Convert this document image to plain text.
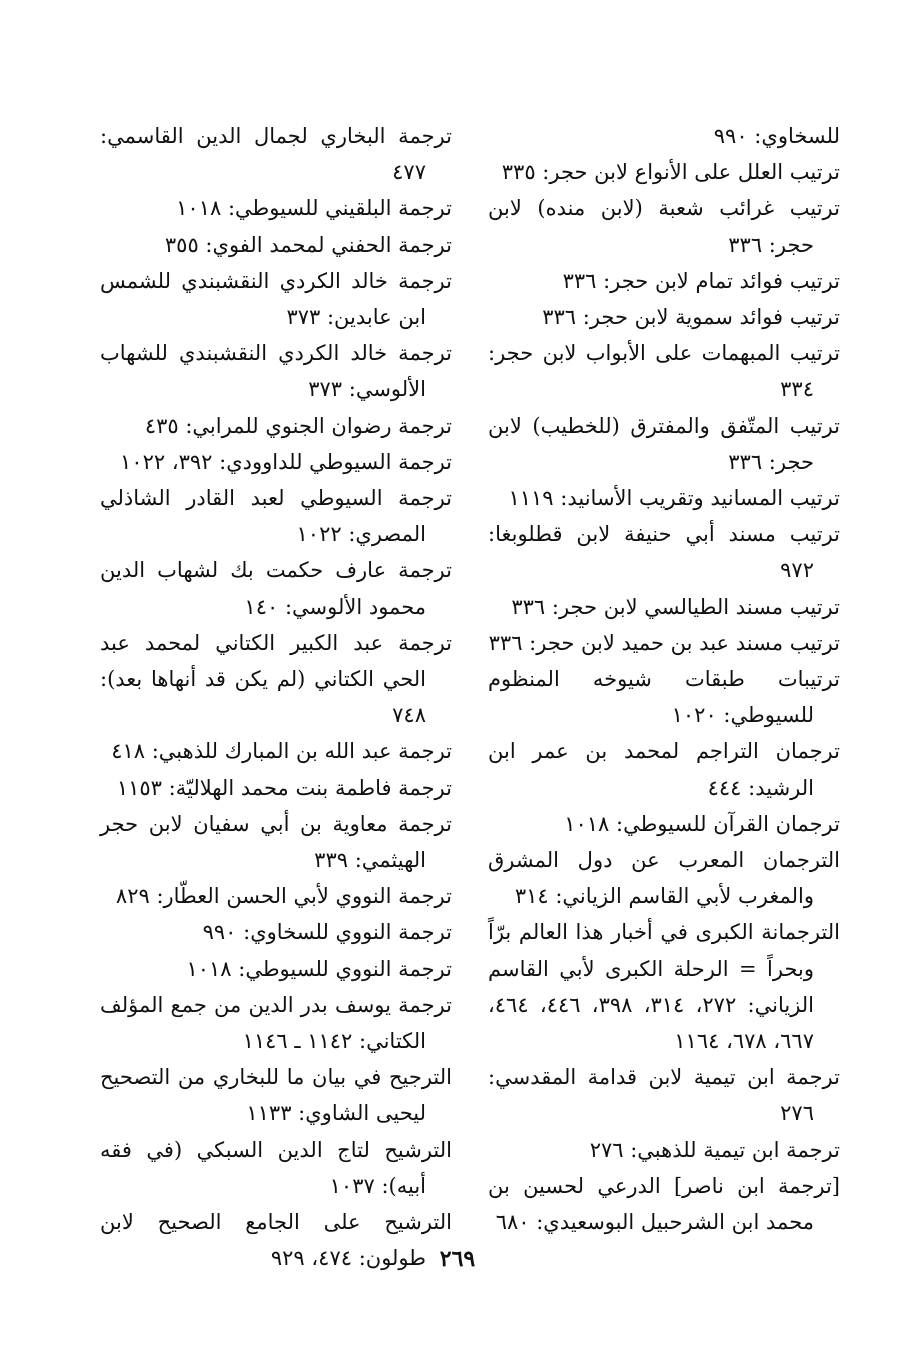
للسخاوي: ٩٩٠
ترتيب العلل على الأنواع لابن حجر: ٣٣٥
ترتيب غرائب شعبة (لابن منده) لابن حجر: ٣٣٦
ترتيب فوائد تمام لابن حجر: ٣٣٦
ترتيب فوائد سموية لابن حجر: ٣٣٦
ترتيب المبهمات على الأبواب لابن حجر: ٣٣٤
ترتيب المتّفق والمفترق (للخطيب) لابن حجر: ٣٣٦
ترتيب المسانيد وتقريب الأسانيد: ١١١٩
ترتيب مسند أبي حنيفة لابن قطلوبغا: ٩٧٢
ترتيب مسند الطيالسي لابن حجر: ٣٣٦
ترتيب مسند عبد بن حميد لابن حجر: ٣٣٦
ترتيبات طبقات شيوخه المنظوم للسيوطي: ١٠٢٠
ترجمان التراجم لمحمد بن عمر ابن الرشيد: ٤٤٤
ترجمان القرآن للسيوطي: ١٠١٨
الترجمان المعرب عن دول المشرق والمغرب لأبي القاسم الزياني: ٣١٤
الترجمانة الكبرى في أخبار هذا العالم برّاً وبحراً = الرحلة الكبرى لأبي القاسم الزياني: ٢٧٢، ٣١٤، ٣٩٨، ٤٤٦، ٤٦٤، ٦٦٧، ٦٧٨، ١١٦٤
ترجمة ابن تيمية لابن قدامة المقدسي: ٢٧٦
ترجمة ابن تيمية للذهبي: ٢٧٦
[ترجمة ابن ناصر] الدرعي لحسين بن محمد ابن الشرحبيل البوسعيدي: ٦٨٠
ترجمة البخاري لجمال الدين القاسمي: ٤٧٧
ترجمة البلقيني للسيوطي: ١٠١٨
ترجمة الحفني لمحمد الفوي: ٣٥٥
ترجمة خالد الكردي النقشبندي للشمس ابن عابدين: ٣٧٣
ترجمة خالد الكردي النقشبندي للشهاب الألوسي: ٣٧٣
ترجمة رضوان الجنوي للمرابي: ٤٣٥
ترجمة السيوطي للداوودي: ٣٩٢، ١٠٢٢
ترجمة السيوطي لعبد القادر الشاذلي المصري: ١٠٢٢
ترجمة عارف حكمت بك لشهاب الدين محمود الألوسي: ١٤٠
ترجمة عبد الكبير الكتاني لمحمد عبد الحي الكتاني (لم يكن قد أنهاها بعد): ٧٤٨
ترجمة عبد الله بن المبارك للذهبي: ٤١٨
ترجمة فاطمة بنت محمد الهلاليّة: ١١٥٣
ترجمة معاوية بن أبي سفيان لابن حجر الهيثمي: ٣٣٩
ترجمة النووي لأبي الحسن العطّار: ٨٢٩
ترجمة النووي للسخاوي: ٩٩٠
ترجمة النووي للسيوطي: ١٠١٨
ترجمة يوسف بدر الدين من جمع المؤلف الكتاني: ١١٤٢ ـ ١١٤٦
الترجيح في بيان ما للبخاري من التصحيح ليحيى الشاوي: ١١٣٣
الترشيح لتاج الدين السبكي (في فقه أبيه): ١٠٣٧
الترشيح على الجامع الصحيح لابن طولون: ٤٧٤، ٩٢٩ ٢٦٩
